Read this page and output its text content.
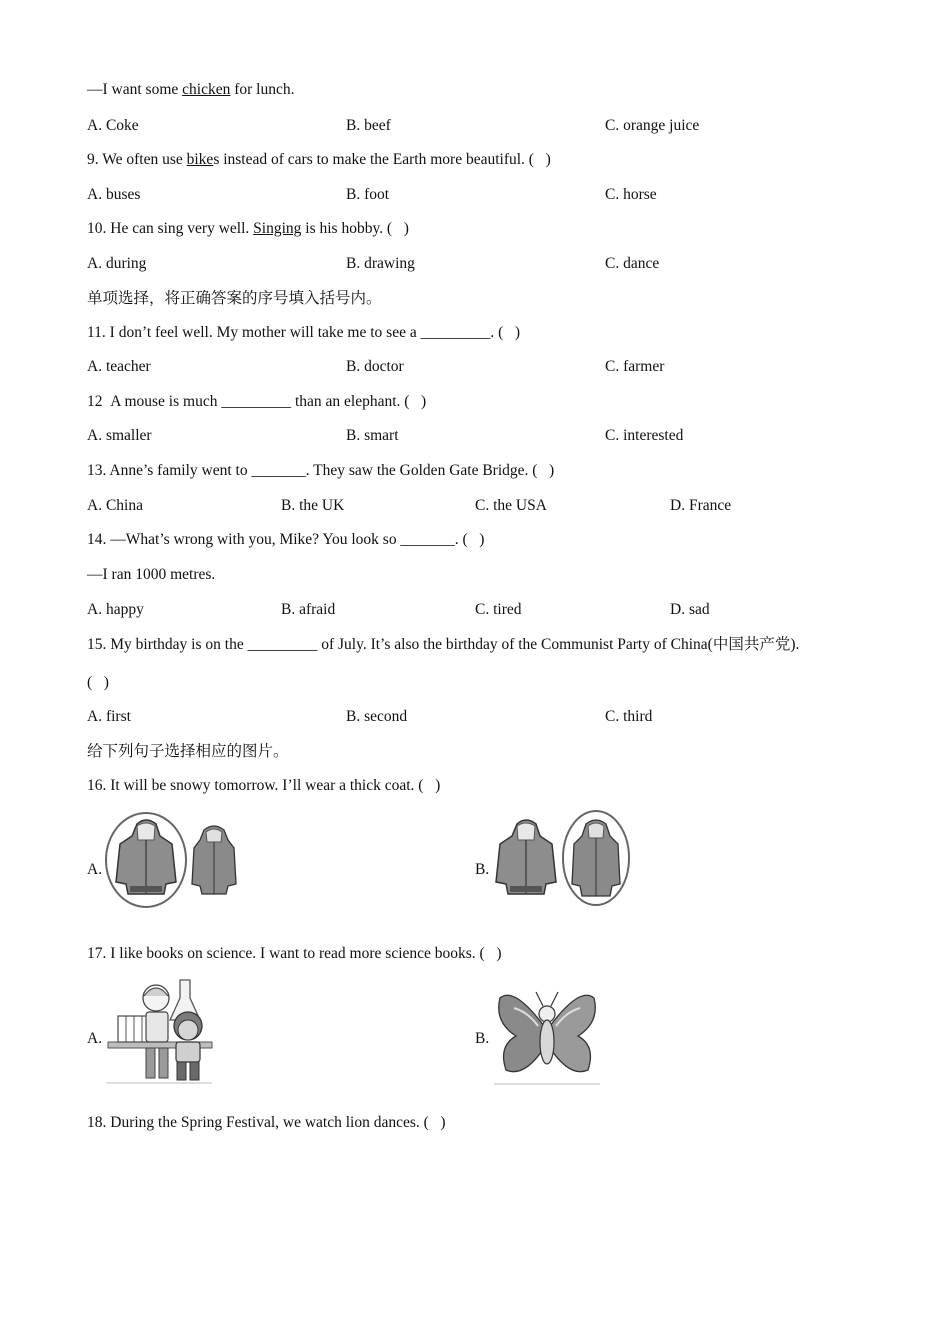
—I want some chicken for lunch.
A. Coke	B. beef	C. orange juice
9. We often use bikes instead of cars to make the Earth more beautiful. (   )
A. buses	B. foot	C. horse
10. He can sing very well. Singing is his hobby. (   )
A. during	B. drawing	C. dance
单项选择，将正确答案的序号填入括号内。
11. I don’t feel well. My mother will take me to see a _________. (   )
A. teacher	B. doctor	C. farmer
12  A mouse is much _________ than an elephant. (   )
A. smaller	B. smart	C. interested
13. Anne’s family went to _______. They saw the Golden Gate Bridge. (   )
A. China	B. the UK	C. the USA	D. France
14. —What’s wrong with you, Mike? You look so _______. (   )
—I ran 1000 metres.
A. happy	B. afraid	C. tired	D. sad
15. My birthday is on the _________ of July. It’s also the birthday of the Communist Party of China(中国共产党).
(   )
A. first	B. second	C. third
给下列句子选择相应的图片。
16. It will be snowy tomorrow. I’ll wear a thick coat. (   )
A.	B.
17. I like books on science. I want to read more science books. (   )
A.	B.
18. During the Spring Festival, we watch lion dances. (   )
